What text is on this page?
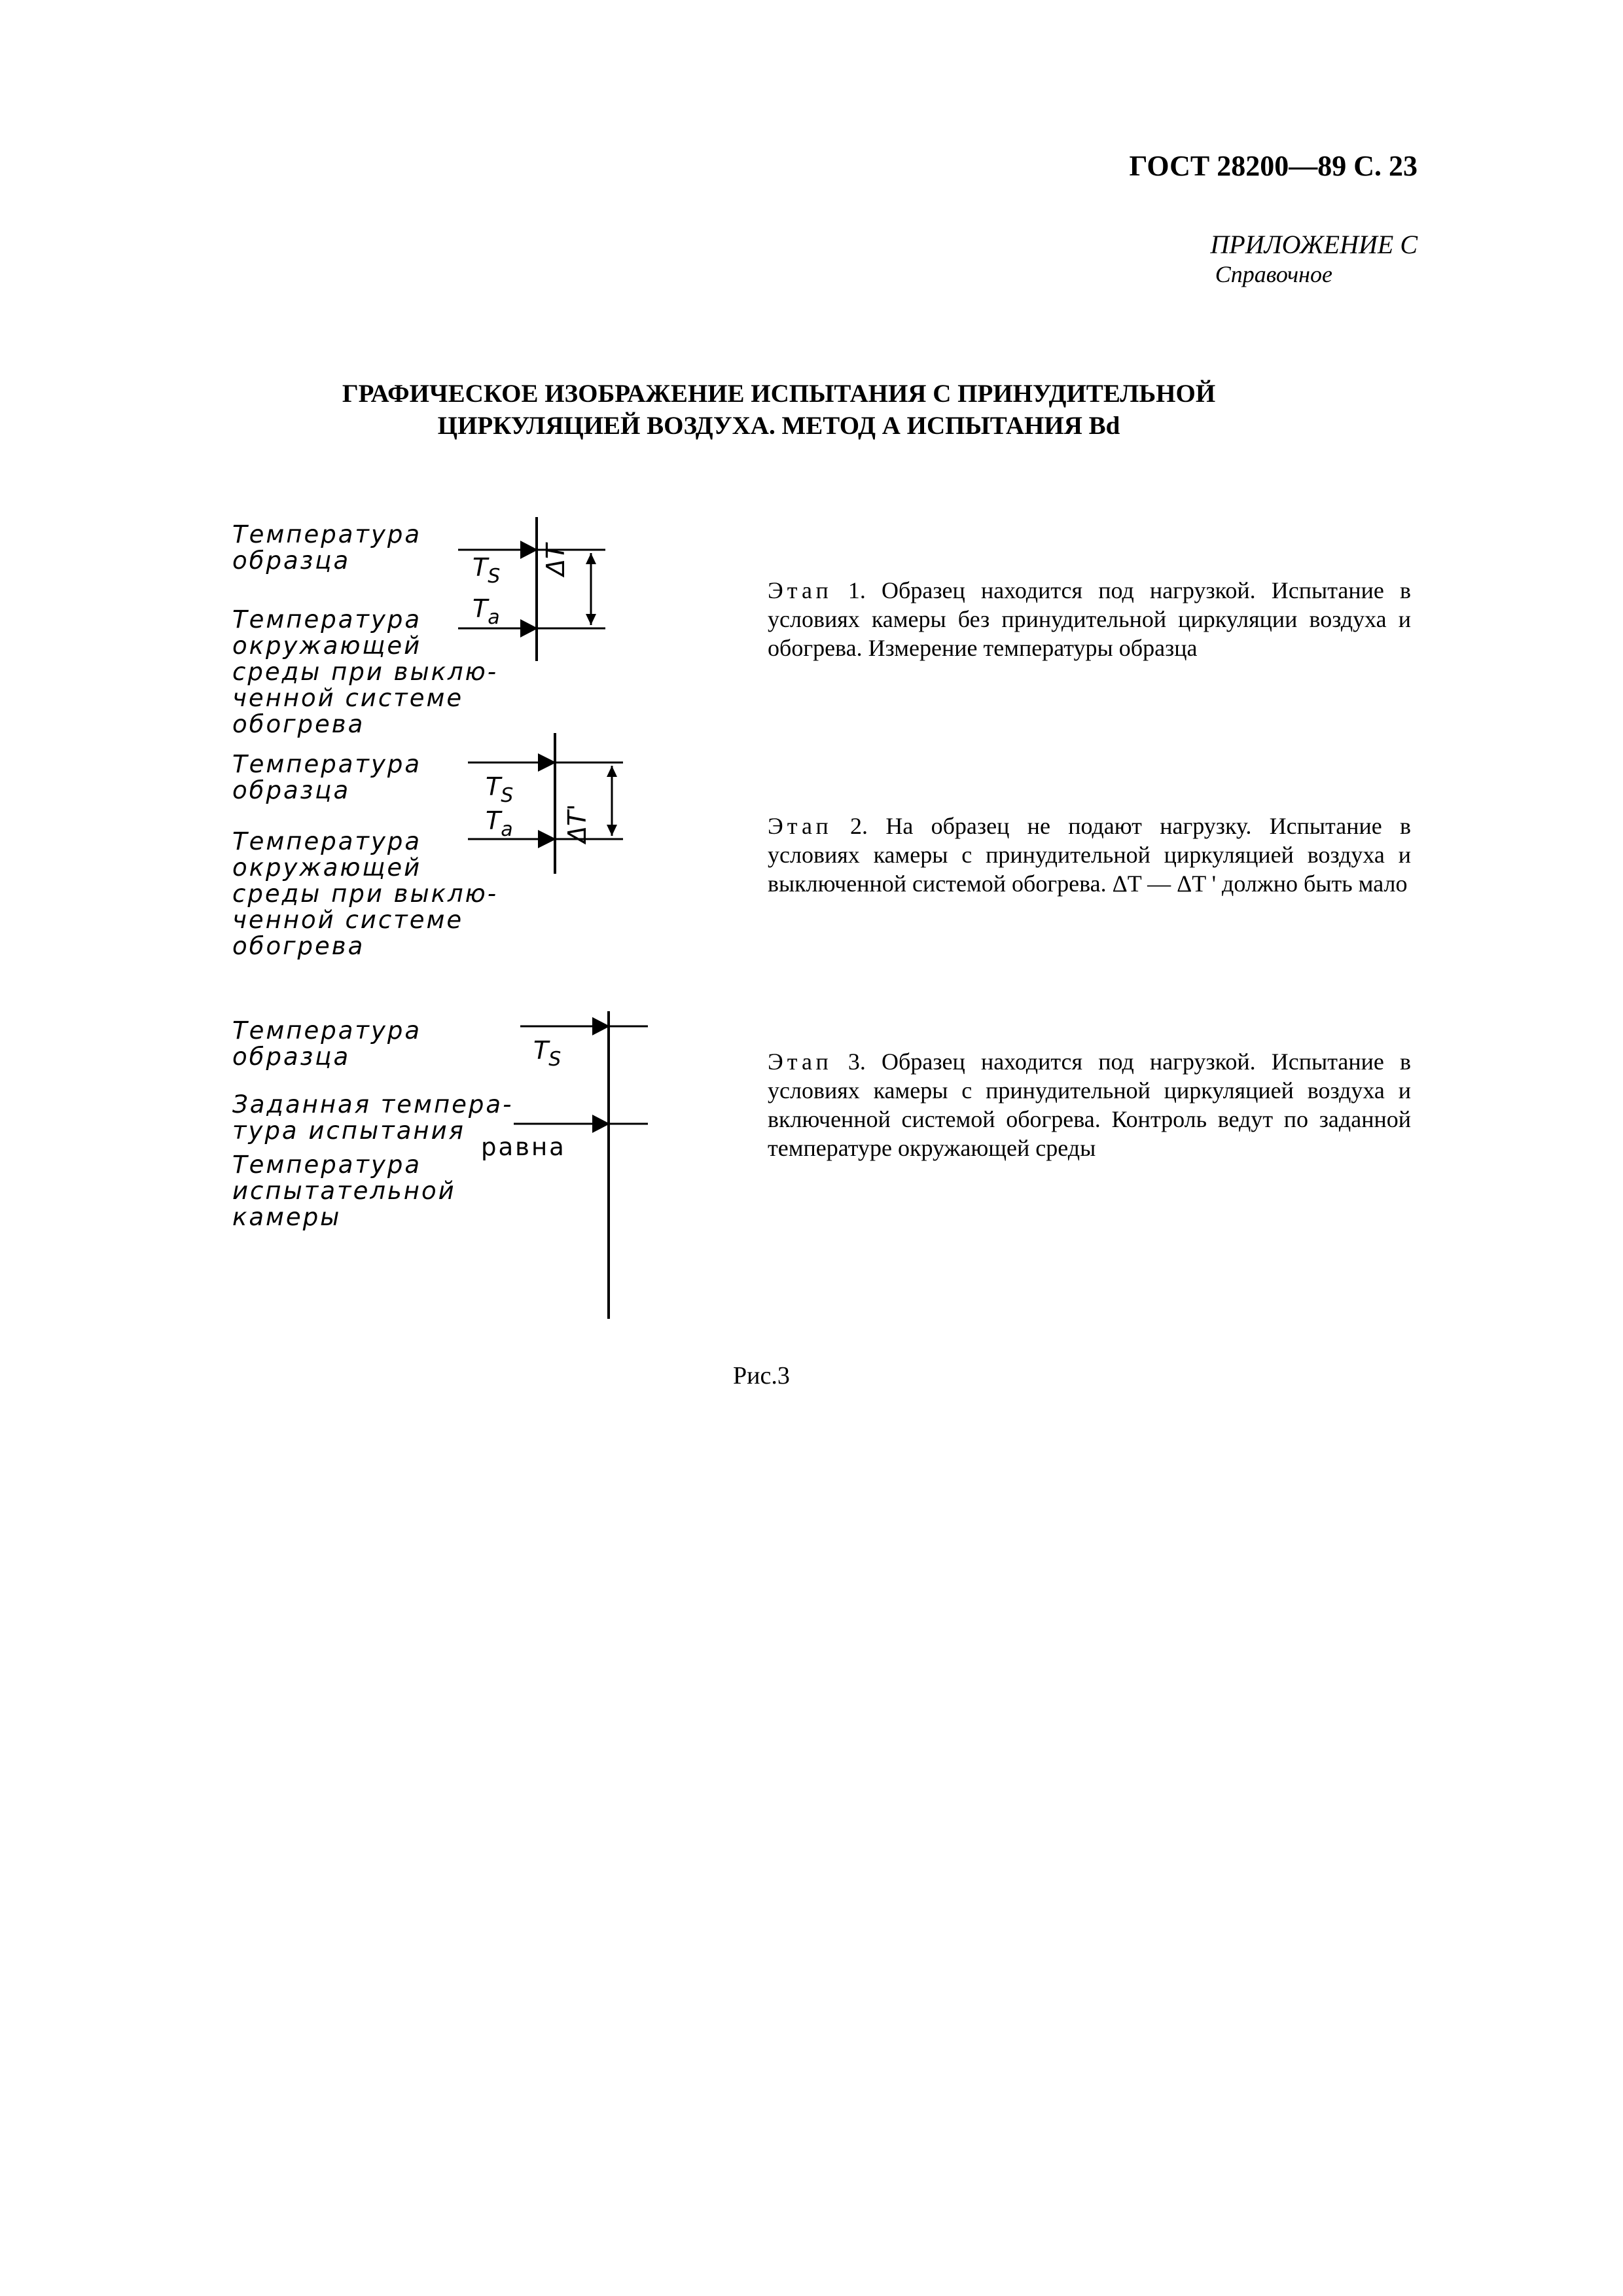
ГОСТ 28200—89 С. 23
ПРИЛОЖЕНИЕ С
Справочное
ГРАФИЧЕСКОЕ ИЗОБРАЖЕНИЕ ИСПЫТАНИЯ С ПРИНУДИТЕЛЬНОЙ
ЦИРКУЛЯЦИЕЙ ВОЗДУХА. МЕТОД А ИСПЫТАНИЯ Bd
Температура
образца
Температура
окружающей
среды при выклю-
ченной системе
обогрева
$T_S$
$T_a$
ΔT
Температура
образца
Температура
окружающей
среды при выклю-
ченной системе
обогрева
$T_S$
$T_a$ ΔT'
Температура
образца
Заданная темпера-
тура испытания
равна
Температура
испытательной
камеры
$T_S$
Этап 1. Образец находится под нагрузкой. Испытание в условиях камеры без принудительной циркуляции воздуха и обогрева. Измерение температуры образца
Этап 2. На образец не подают нагрузку. Испытание в условиях камеры с принудительной циркуляцией воздуха и выключенной системой обогрева. ΔT — ΔT ' должно быть мало
Этап 3. Образец находится под нагрузкой. Испытание в условиях камеры с принудительной циркуляцией воздуха и включенной системой обогрева. Контроль ведут по заданной температуре окружающей среды
Рис.3
